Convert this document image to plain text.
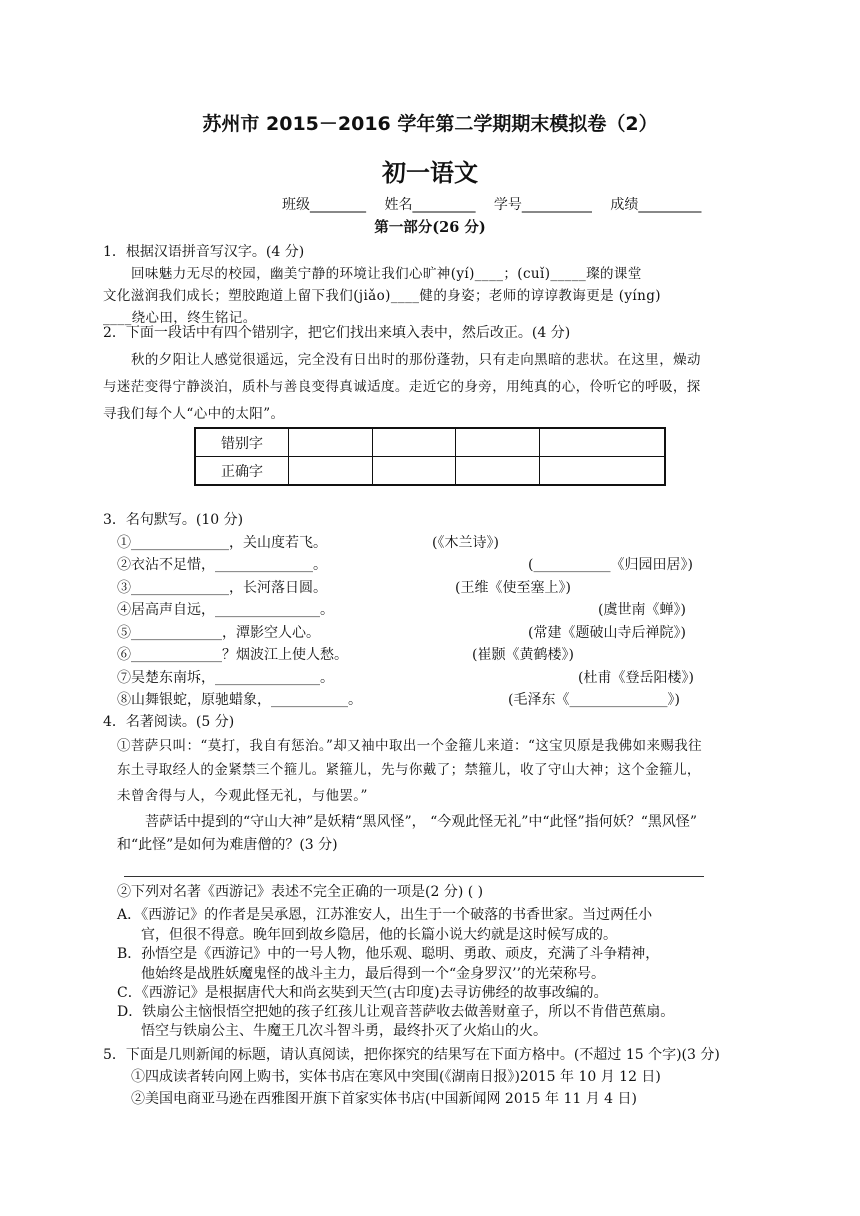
苏州市 2015－2016 学年第二学期期末模拟卷（2）
初一语文
班级________ 姓名_________ 学号__________ 成绩_________
第一部分(26 分)
1．根据汉语拼音写汉字。(4 分)
回味魅力无尽的校园，幽美宁静的环境让我们心旷神(yí)____；(cuǐ)_____璨的课堂
文化滋润我们成长；塑胶跑道上留下我们(jiǎo)____健的身姿；老师的谆谆教诲更是 (yíng)
____绕心田，终生铭记。
2．下面一段话中有四个错别字，把它们找出来填入表中，然后改正。(4 分)
秋的夕阳让人感觉很遥远，完全没有日出时的那份蓬勃，只有走向黑暗的悲状。在这里，燥动
与迷茫变得宁静淡泊，质朴与善良变得真诚适度。走近它的身旁，用纯真的心，伶听它的呼吸，探
寻我们每个人“心中的太阳”。
错别字				
正确字				
3．名句默写。(10 分)
①______________，关山度若飞。	(《木兰诗》)
②衣沾不足惜，______________。	(___________《归园田居》)
③______________，长河落日圆。	(王维《使至塞上》)
④居高声自远，_______________。	(虞世南《蝉》)
⑤_____________，潭影空人心。	(常建《题破山寺后禅院》)
⑥_____________？烟波江上使人愁。	(崔颢《黄鹤楼》)
⑦吴楚东南坼，_______________。	(杜甫《登岳阳楼》)
⑧山舞银蛇，原驰蜡象，___________。	(毛泽东《______________》)
4．名著阅读。(5 分)
①菩萨只叫：“莫打，我自有惩治。”却又袖中取出一个金箍儿来道：“这宝贝原是我佛如来赐我往
东土寻取经人的金紧禁三个箍儿。紧箍儿，先与你戴了；禁箍儿，收了守山大神；这个金箍儿，
未曾舍得与人，今观此怪无礼，与他罢。”
菩萨话中提到的“守山大神”是妖精“黑风怪”， “今观此怪无礼”中“此怪”指何妖？“黑风怪”
和“此怪”是如何为难唐僧的？(3 分)
②下列对名著《西游记》表述不完全正确的一项是(2 分) ( )
A．《西游记》的作者是吴承恩，江苏淮安人，出生于一个破落的书香世家。当过两任小
官，但很不得意。晚年回到故乡隐居，他的长篇小说大约就是这时候写成的。
B．孙悟空是《西游记》中的一号人物，他乐观、聪明、勇敢、顽皮，充满了斗争精神，
他始终是战胜妖魔鬼怪的战斗主力，最后得到一个“金身罗汉’’的光荣称号。
C．《西游记》是根据唐代大和尚玄奘到天竺(古印度)去寻访佛经的故事改编的。
D．铁扇公主恼恨悟空把她的孩子红孩儿让观音菩萨收去做善财童子，所以不肯借芭蕉扇。
悟空与铁扇公主、牛魔王几次斗智斗勇，最终扑灭了火焰山的火。
5．下面是几则新闻的标题，请认真阅读，把你探究的结果写在下面方格中。(不超过 15 个字)(3 分)
①四成读者转向网上购书，实体书店在寒风中突围(《湖南日报》)2015 年 10 月 12 日)
②美国电商亚马逊在西雅图开旗下首家实体书店(中国新闻网 2015 年 11 月 4 日)
